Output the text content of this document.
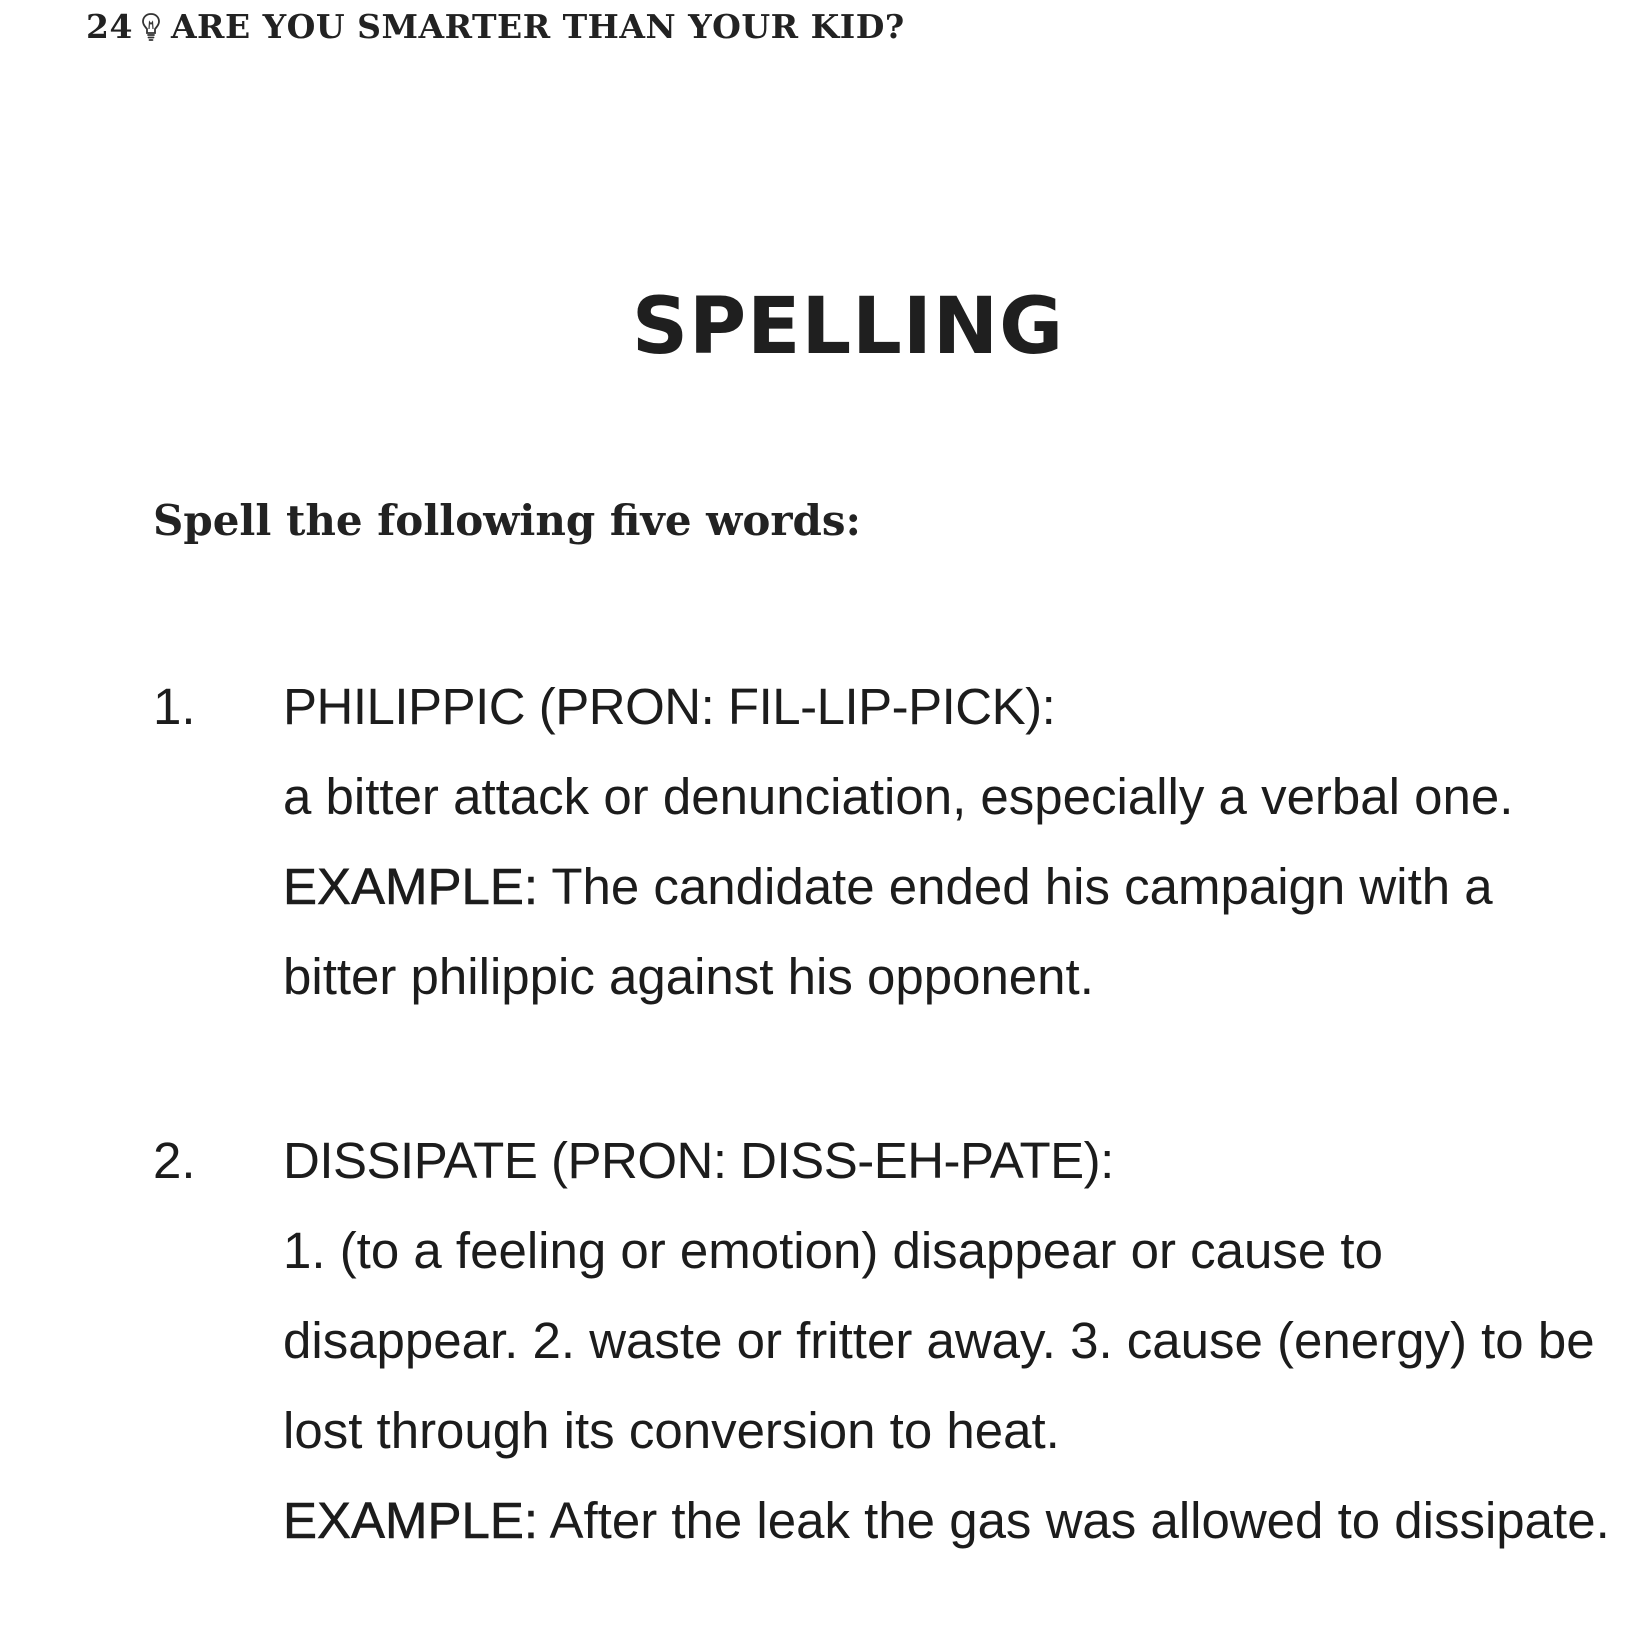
24 ARE YOU SMARTER THAN YOUR KID?
SPELLING
Spell the following five words:
1. PHILIPPIC (PRON: FIL-LIP-PICK):

a bitter attack or denunciation, especially a verbal one.

EXAMPLE: The candidate ended his campaign with a bitter philippic against his opponent.

2. DISSIPATE (PRON: DISS-EH-PATE):

1. (to a feeling or emotion) disappear or cause to disappear. 2. waste or fritter away. 3. cause (energy) to be lost through its conversion to heat.

EXAMPLE: After the leak the gas was allowed to dissipate.
